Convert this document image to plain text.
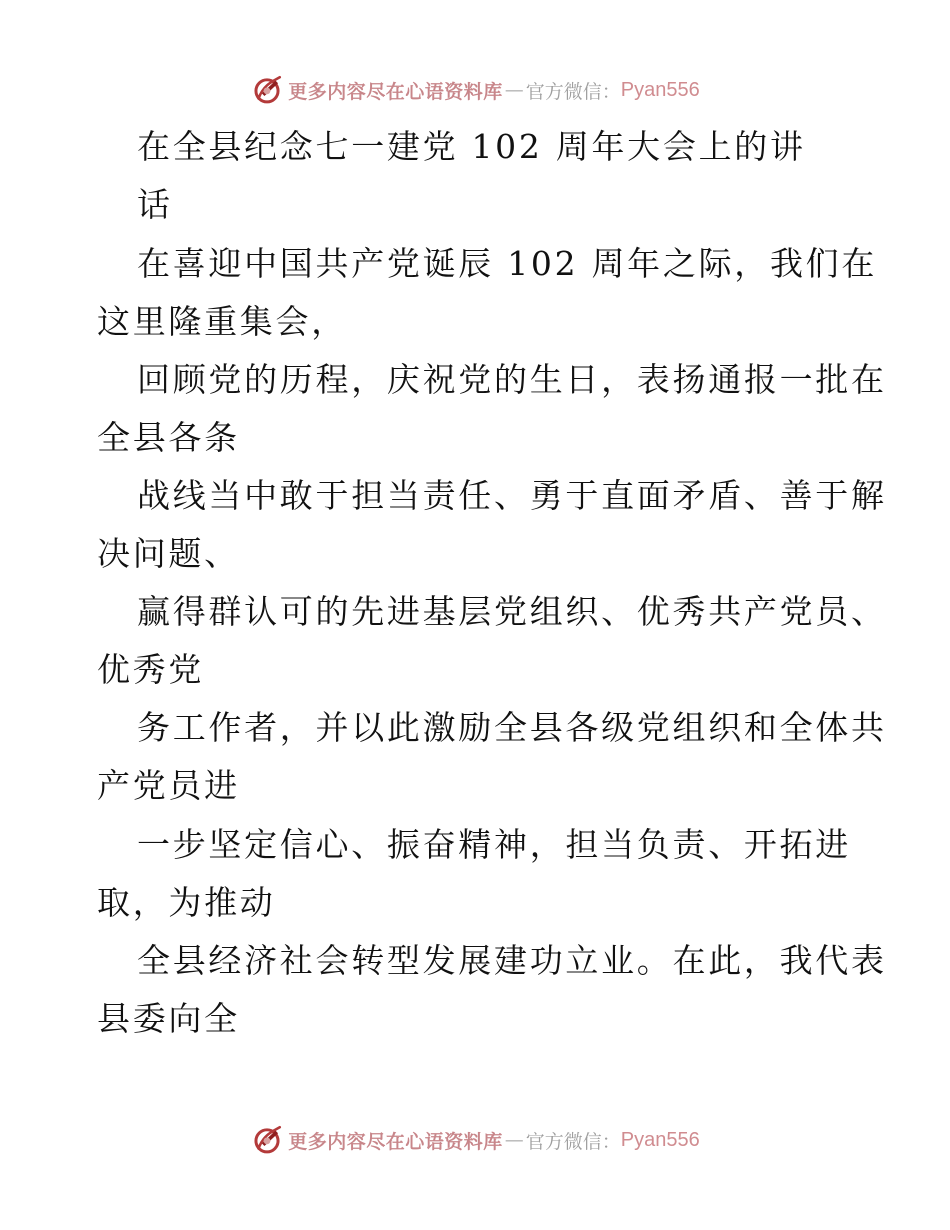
更多内容尽在心语资料库 — 官方微信： Pyan556
在全县纪念七一建党 102 周年大会上的讲
话
在喜迎中国共产党诞辰 102 周年之际，我们在
这里隆重集会，
回顾党的历程，庆祝党的生日，表扬通报一批在
全县各条
战线当中敢于担当责任、勇于直面矛盾、善于解
决问题、
赢得群认可的先进基层党组织、优秀共产党员、
优秀党
务工作者，并以此激励全县各级党组织和全体共
产党员进
一步坚定信心、振奋精神，担当负责、开拓进
取，为推动
全县经济社会转型发展建功立业。在此，我代表
县委向全
更多内容尽在心语资料库 — 官方微信： Pyan556
